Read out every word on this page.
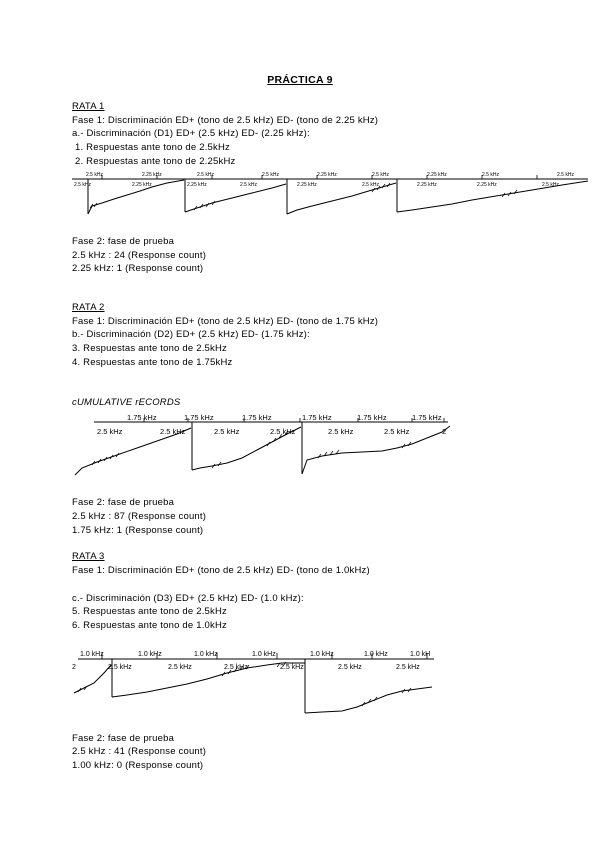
PRÁCTICA 9
RATA 1
Fase 1: Discriminación ED+ (tono de 2.5 kHz) ED- (tono de 2.25 kHz)
a.- Discriminación (D1) ED+ (2.5 kHz) ED- (2.25 kHz):
1. Respuestas ante tono de 2.5kHz
2. Respuestas ante tono de 2.25kHz
2.5 kHz	2.25 kHz	2.5 kHz	2.5 kHz	2.25 kHz	2.5 kHz	2.25 kHz	2.5 kHz	2.5 kHz
2.5 kHz	2.25 kHz	2.25 kHz	2.5 kHz	2.25 kHz	2.5 kHz	2.25 kHz	2.25 kHz	2.5 kHz
Fase 2: fase de prueba
2.5 kHz : 24 (Response count)
2.25 kHz: 1 (Response count)
RATA 2
Fase 1: Discriminación ED+ (tono de 2.5 kHz) ED- (tono de 1.75 kHz)
b.- Discriminación (D2) ED+ (2.5 kHz) ED- (1.75 kHz):
3. Respuestas ante tono de 2.5kHz
4. Respuestas ante tono de 1.75kHz
cUMULATIVE rECORDS
1.75 kHz	1.75 kHz	1.75 kHz	1.75 kHz	1.75 kHz	1.75 kHz
2.5 kHz	2.5 kHz	2.5 kHz	2.5 kHz	2.5 kHz	2.5 kHz	2
Fase 2: fase de prueba
2.5 kHz : 87 (Response count)
1.75 kHz: 1 (Response count)
RATA 3
Fase 1: Discriminación ED+ (tono de 2.5 kHz) ED- (tono de 1.0kHz)
c.- Discriminación (D3) ED+ (2.5 kHz) ED- (1.0 kHz):
5. Respuestas ante tono de 2.5kHz
6. Respuestas ante tono de 1.0kHz
1.0 kHz	1.0 kHz	1.0 kHz	1.0 kHz	1.0 kHz	1.0 kHz	1.0 kH
2	2.5 kHz	2.5 kHz	2.5 kHz	2.5 kHz	2.5 kHz	2.5 kHz
Fase 2: fase de prueba
2.5 kHz : 41 (Response count)
1.00 kHz: 0 (Response count)
